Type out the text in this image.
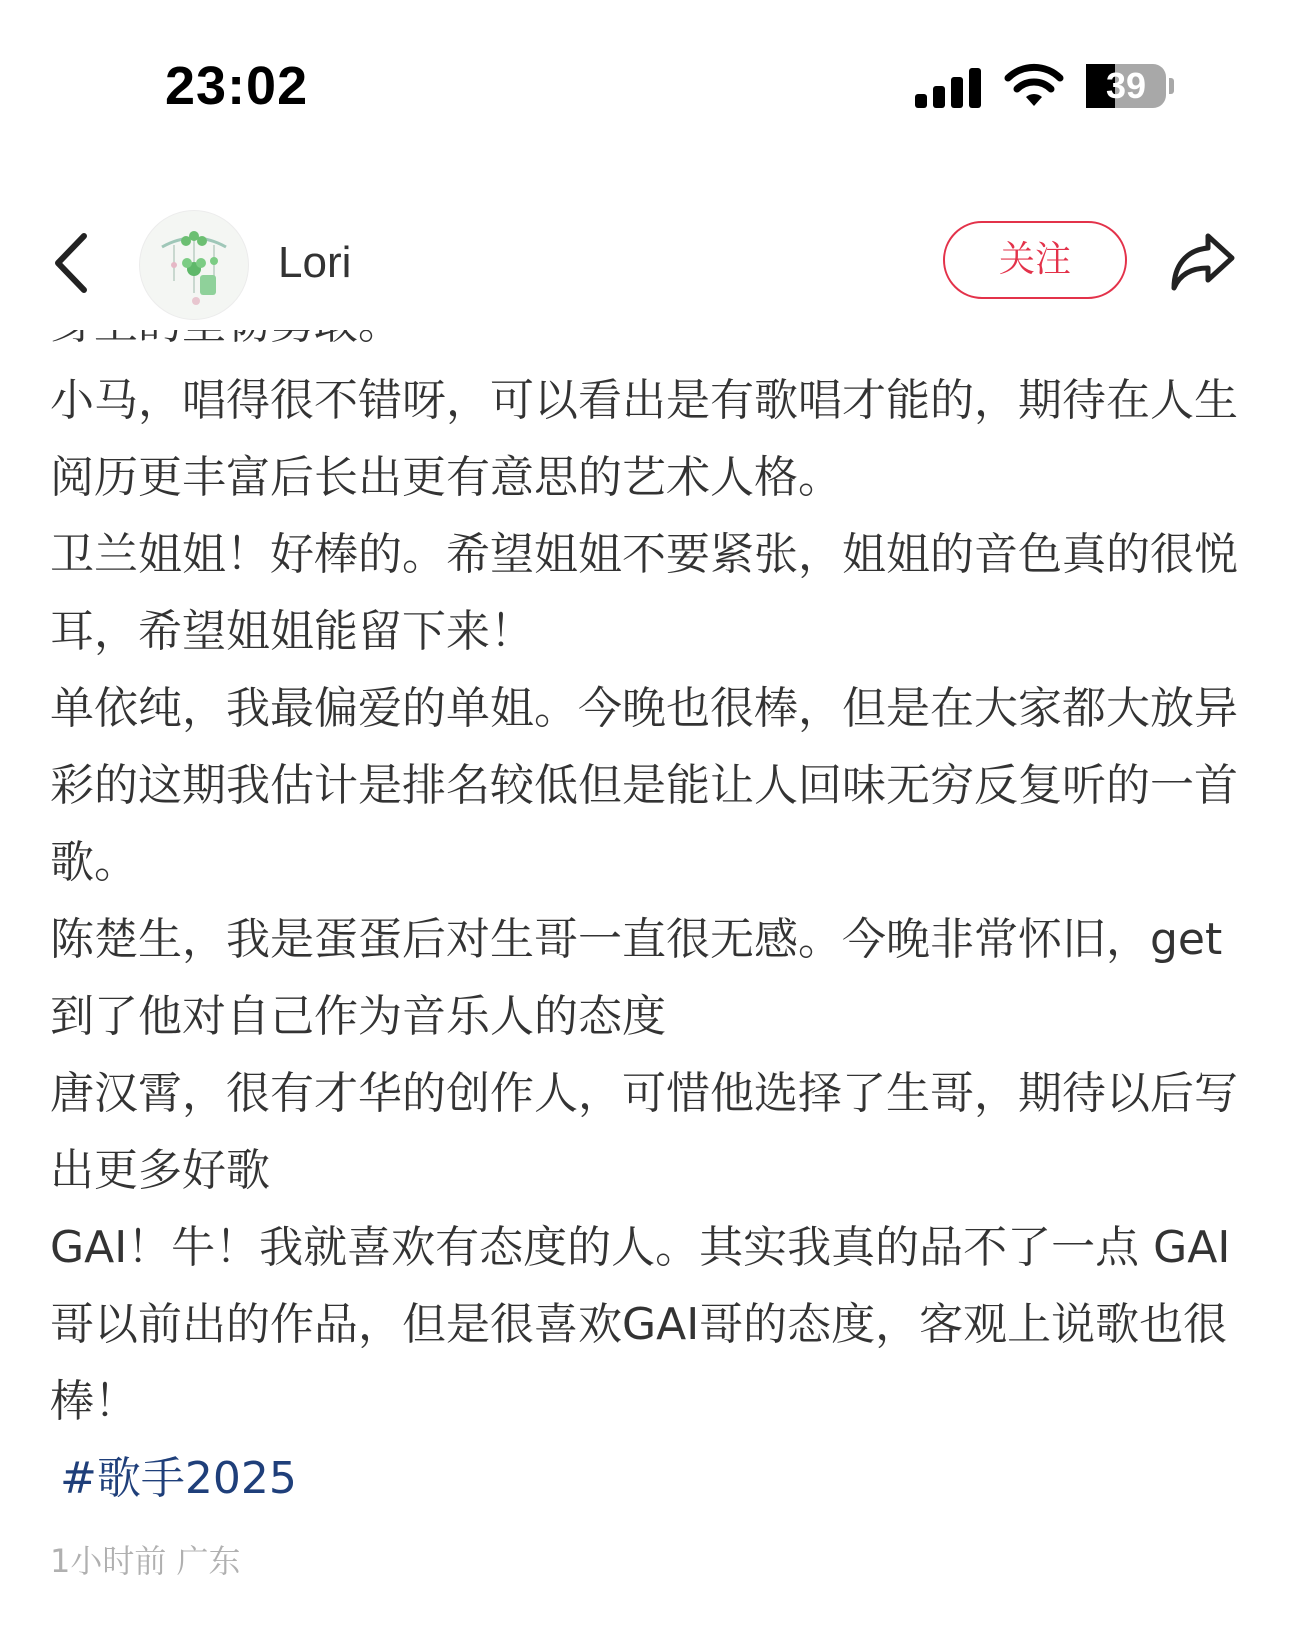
23:02	39
Lori	关注

小马，唱得很不错呀，可以看出是有歌唱才能的，期待在人生阅历更丰富后长出更有意思的艺术人格。

卫兰姐姐！好棒的。希望姐姐不要紧张，姐姐的音色真的很悦耳，希望姐姐能留下来！

单依纯，我最偏爱的单姐。今晚也很棒，但是在大家都大放异彩的这期我估计是排名较低但是能让人回味无穷反复听的一首歌。

陈楚生，我是蛋蛋后对生哥一直很无感。今晚非常怀旧，get到了他对自己作为音乐人的态度

唐汉霄，很有才华的创作人，可惜他选择了生哥，期待以后写出更多好歌

GAI！牛！我就喜欢有态度的人。其实我真的品不了一点 GAI哥以前出的作品，但是很喜欢GAI哥的态度，客观上说歌也很棒！

#歌手2025

1小时前 广东
